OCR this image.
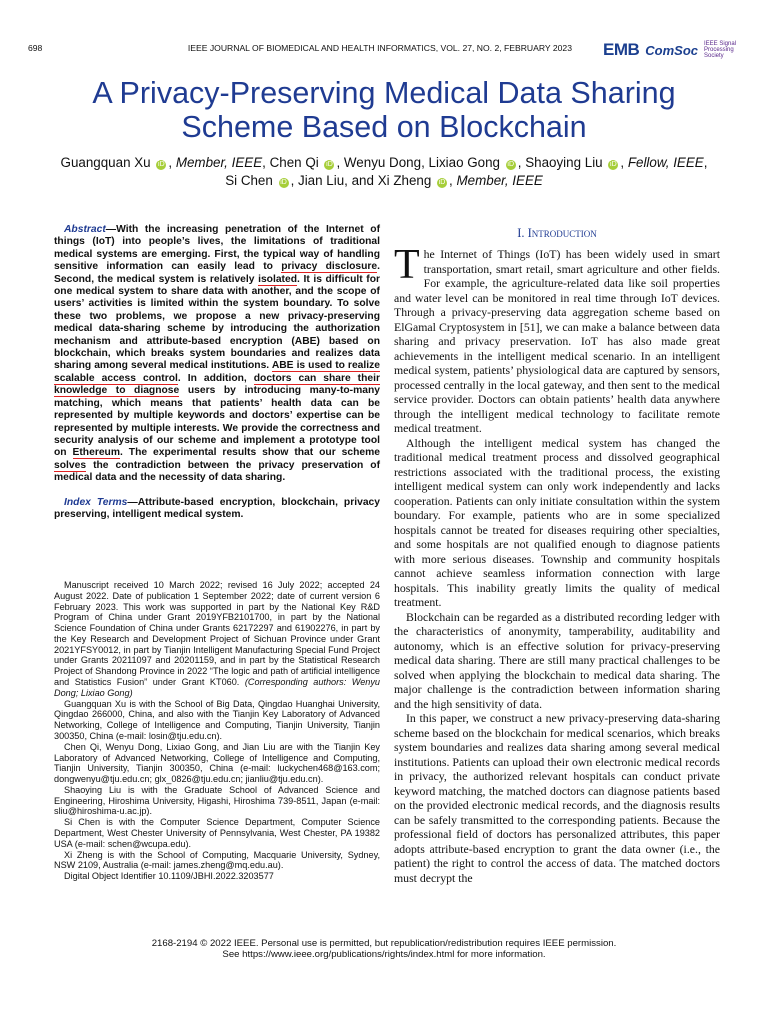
698	IEEE JOURNAL OF BIOMEDICAL AND HEALTH INFORMATICS, VOL. 27, NO. 2, FEBRUARY 2023 EMB ComSoc IEEE Signal Processing Society
A Privacy-Preserving Medical Data Sharing Scheme Based on Blockchain
Guangquan Xu iD , Member, IEEE, Chen Qi iD , Wenyu Dong, Lixiao Gong iD , Shaoying Liu iD , Fellow, IEEE,
Si Chen iD , Jian Liu, and Xi Zheng iD , Member, IEEE

Abstract—With the increasing penetration of the Internet of things (IoT) into people’s lives, the limitations of traditional medical systems are emerging. First, the typical way of handling sensitive information can easily lead to privacy disclosure. Second, the medical system is relatively isolated. It is difficult for one medical system to share data with another, and the scope of users’ activities is limited within the system boundary. To solve these two problems, we propose a new privacy-preserving medical data-sharing scheme by introducing the authorization mechanism and attribute-based encryption (ABE) based on blockchain, which breaks system boundaries and realizes data sharing among several medical institutions. ABE is used to realize scalable access control. In addition, doctors can share their knowledge to diagnose users by introducing many-to-many matching, which means that patients’ health data can be represented by multiple keywords and doctors’ expertise can be represented by multiple interests. We provide the correctness and security analysis of our scheme and implement a prototype tool on Ethereum. The experimental results show that our scheme solves the contradiction between the privacy preservation of medical data and the necessity of data sharing.

Index Terms—Attribute-based encryption, blockchain, privacy preserving, intelligent medical system.

Manuscript received 10 March 2022; revised 16 July 2022; accepted 24 August 2022. Date of publication 1 September 2022; date of current version 6 February 2023. This work was supported in part by the National Key R&D Program of China under Grant 2019YFB2101700, in part by the National Science Foundation of China under Grants 62172297 and 61902276, in part by the Key Research and Development Project of Sichuan Province under Grant 2021YFSY0012, in part by Tianjin Intelligent Manufacturing Special Fund Project under Grants 20211097 and 20201159, and in part by the Statistical Research Project of Shandong Province in 2022 “The logic and path of artificial intelligence and Statistics Fusion” under Grant KT060. (Corresponding authors: Wenyu Dong; Lixiao Gong)

Guangquan Xu is with the School of Big Data, Qingdao Huanghai University, Qingdao 266000, China, and also with the Tianjin Key Laboratory of Advanced Networking, College of Intelligence and Computing, Tianjin University, Tianjin 300350, China (e-mail: losin@tju.edu.cn).

Chen Qi, Wenyu Dong, Lixiao Gong, and Jian Liu are with the Tianjin Key Laboratory of Advanced Networking, College of Intelligence and Computing, Tianjin University, Tianjin 300350, China (e-mail: luckychen468@163.com; dongwenyu@tju.edu.cn; glx_0826@tju.edu.cn; jianliu@tju.edu.cn).

Shaoying Liu is with the Graduate School of Advanced Science and Engineering, Hiroshima University, Higashi, Hiroshima 739-8511, Japan (e-mail: sliu@hiroshima-u.ac.jp).

Si Chen is with the Computer Science Department, Computer Science Department, West Chester University of Pennsylvania, West Chester, PA 19382 USA (e-mail: schen@wcupa.edu).

Xi Zheng is with the School of Computing, Macquarie University, Sydney, NSW 2109, Australia (e-mail: james.zheng@mq.edu.au).

Digital Object Identifier 10.1109/JBHI.2022.3203577

I. Introduction

The Internet of Things (IoT) has been widely used in smart transportation, smart retail, smart agriculture and other fields. For example, the agriculture-related data like soil properties and water level can be monitored in real time through IoT devices. Through a privacy-preserving data aggregation scheme based on ElGamal Cryptosystem in [51], we can make a balance between data sharing and privacy preservation. IoT has also made great achievements in the intelligent medical scenario. In an intelligent medical system, patients’ physiological data are captured by sensors, processed centrally in the local gateway, and then sent to the medical service provider. Doctors can obtain patients’ health data anywhere through the intelligent medical technology to facilitate remote medical treatment.

Although the intelligent medical system has changed the traditional medical treatment process and dissolved geographical restrictions associated with the traditional process, the existing intelligent medical system can only work independently and lacks cooperation. Patients can only initiate consultation within the system boundary. For example, patients who are in some specialized hospitals cannot be treated for diseases requiring other specialties, and some hospitals are not qualified enough to diagnose patients with more serious diseases. Township and community hospitals cannot achieve seamless information connection with large hospitals. This inability greatly limits the quality of medical treatment.

Blockchain can be regarded as a distributed recording ledger with the characteristics of anonymity, tamperability, auditability and autonomy, which is an effective solution for privacy-preserving medical data sharing. There are still many practical challenges to be solved when applying the blockchain to medical data sharing. The major challenge is the contradiction between information sharing and the high sensitivity of data.

In this paper, we construct a new privacy-preserving data-sharing scheme based on the blockchain for medical scenarios, which breaks system boundaries and realizes data sharing among several medical institutions. Patients can upload their own electronic medical records in privacy, the authorized relevant hospitals can conduct private keyword matching, the matched doctors can diagnose patients based on the provided electronic medical records, and the diagnosis results can be safely transmitted to the corresponding patients. Because the professional field of doctors has personalized attributes, this paper adopts attribute-based encryption to grant the data owner (i.e., the patient) the right to control the access of data. The matched doctors must decrypt the

2168-2194 © 2022 IEEE. Personal use is permitted, but republication/redistribution requires IEEE permission.
See https://www.ieee.org/publications/rights/index.html for more information.
